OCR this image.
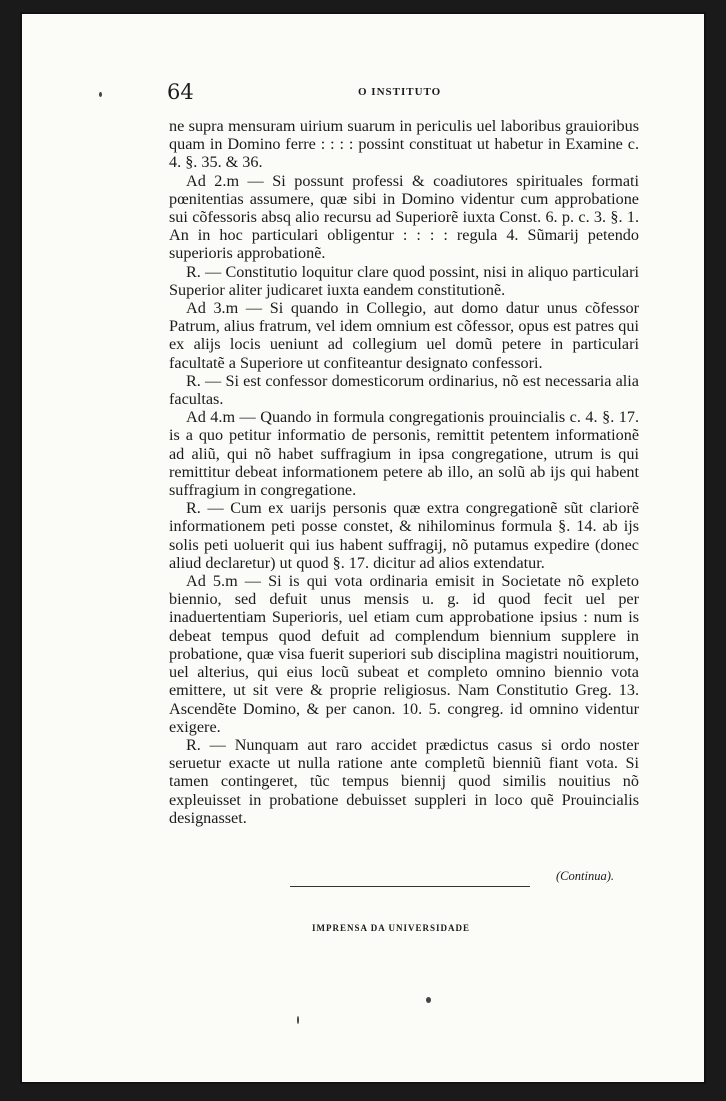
64	O INSTITUTO

ne supra mensuram uirium suarum in periculis uel laboribus grauioribus quam in Domino ferre : : : : possint constituat ut habetur in Examine c. 4. §. 35. & 36.

Ad 2.m — Si possunt professi & coadiutores spirituales formati pœnitentias assumere, quæ sibi in Domino videntur cum approbatione sui cõfessoris absq alio recursu ad Superiorẽ iuxta Const. 6. p. c. 3. §. 1. An in hoc particulari obligentur : : : : regula 4. Sũmarij petendo superioris approbationẽ.

R. — Constitutio loquitur clare quod possint, nisi in aliquo particulari Superior aliter judicaret iuxta eandem constitutionẽ.

Ad 3.m — Si quando in Collegio, aut domo datur unus cõfessor Patrum, alius fratrum, vel idem omnium est cõfessor, opus est patres qui ex alijs locis ueniunt ad collegium uel domũ petere in particulari facultatẽ a Superiore ut confiteantur designato confessori.

R. — Si est confessor domesticorum ordinarius, nõ est necessaria alia facultas.

Ad 4.m — Quando in formula congregationis prouincialis c. 4. §. 17. is a quo petitur informatio de personis, remittit petentem informationẽ ad aliũ, qui nõ habet suffragium in ipsa congregatione, utrum is qui remittitur debeat informationem petere ab illo, an solũ ab ijs qui habent suffragium in congregatione.

R. — Cum ex uarijs personis quæ extra congregationẽ sũt clariorẽ informationem peti posse constet, & nihilominus formula §. 14. ab ijs solis peti uoluerit qui ius habent suffragij, nõ putamus expedire (donec aliud declaretur) ut quod §. 17. dicitur ad alios extendatur.

Ad 5.m — Si is qui vota ordinaria emisit in Societate nõ expleto biennio, sed defuit unus mensis u. g. id quod fecit uel per inaduertentiam Superioris, uel etiam cum approbatione ipsius : num is debeat tempus quod defuit ad complendum biennium supplere in probatione, quæ visa fuerit superiori sub disciplina magistri nouitiorum, uel alterius, qui eius locũ subeat et completo omnino biennio vota emittere, ut sit vere & proprie religiosus. Nam Constitutio Greg. 13. Ascendẽte Domino, & per canon. 10. 5. congreg. id omnino videntur exigere.

R. — Nunquam aut raro accidet prædictus casus si ordo noster seruetur exacte ut nulla ratione ante completũ bienniũ fiant vota. Si tamen contingeret, tũc tempus biennij quod similis nouitius nõ expleuisset in probatione debuisset suppleri in loco quẽ Prouincialis designasset.

(Continua).
IMPRENSA DA UNIVERSIDADE
